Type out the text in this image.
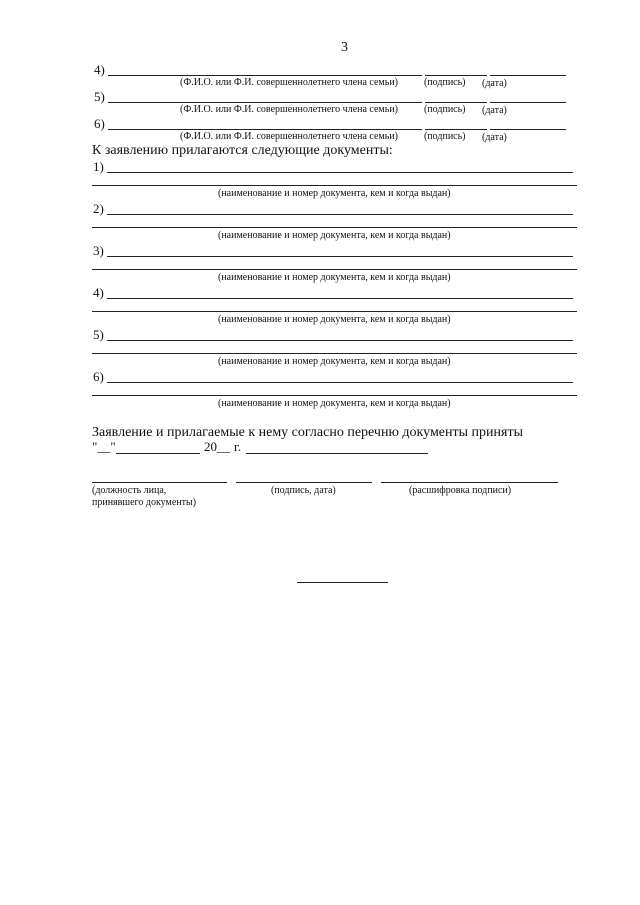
3
4)
(Ф.И.О. или Ф.И. совершеннолетнего члена семьи)	(подпись) (дата)
5)
(Ф.И.О. или Ф.И. совершеннолетнего члена семьи)	(подпись) (дата)
6)
(Ф.И.О. или Ф.И. совершеннолетнего члена семьи)	(подпись) (дата)
К заявлению прилагаются следующие документы:
1)
(наименование и номер документа, кем и когда выдан)
2)
(наименование и номер документа, кем и когда выдан)
3)
(наименование и номер документа, кем и когда выдан)
4)
(наименование и номер документа, кем и когда выдан)
5)
(наименование и номер документа, кем и когда выдан)
6)
(наименование и номер документа, кем и когда выдан)
Заявление и прилагаемые к нему согласно перечню документы приняты
"__"	20__ г.
(должность лица,
принявшего документы)
(подпись, дата)	(расшифровка подписи)
